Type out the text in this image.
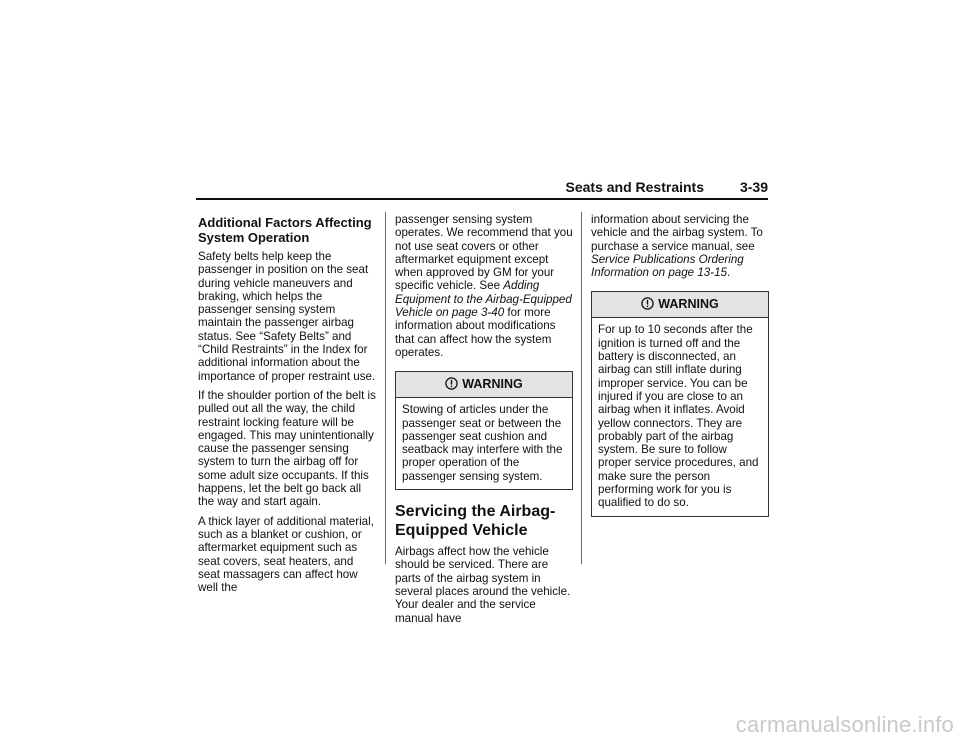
Seats and Restraints	3-39
Additional Factors Affecting System Operation

Safety belts help keep the passenger in position on the seat during vehicle maneuvers and braking, which helps the passenger sensing system maintain the passenger airbag status. See “Safety Belts” and “Child Restraints” in the Index for additional information about the importance of proper restraint use.

If the shoulder portion of the belt is pulled out all the way, the child restraint locking feature will be engaged. This may unintentionally cause the passenger sensing system to turn the airbag off for some adult size occupants. If this happens, let the belt go back all the way and start again.

A thick layer of additional material, such as a blanket or cushion, or aftermarket equipment such as seat covers, seat heaters, and seat massagers can affect how well the

passenger sensing system operates. We recommend that you not use seat covers or other aftermarket equipment except when approved by GM for your specific vehicle. See Adding Equipment to the Airbag-Equipped Vehicle on page 3-40 for more information about modifications that can affect how the system operates.

WARNING
Stowing of articles under the passenger seat or between the passenger seat cushion and seatback may interfere with the proper operation of the passenger sensing system.
Servicing the Airbag-Equipped Vehicle

Airbags affect how the vehicle should be serviced. There are parts of the airbag system in several places around the vehicle. Your dealer and the service manual have

information about servicing the vehicle and the airbag system. To purchase a service manual, see Service Publications Ordering Information on page 13-15.

WARNING
For up to 10 seconds after the ignition is turned off and the battery is disconnected, an airbag can still inflate during improper service. You can be injured if you are close to an airbag when it inflates. Avoid yellow connectors. They are probably part of the airbag system. Be sure to follow proper service procedures, and make sure the person performing work for you is qualified to do so.
carmanualsonline.info
